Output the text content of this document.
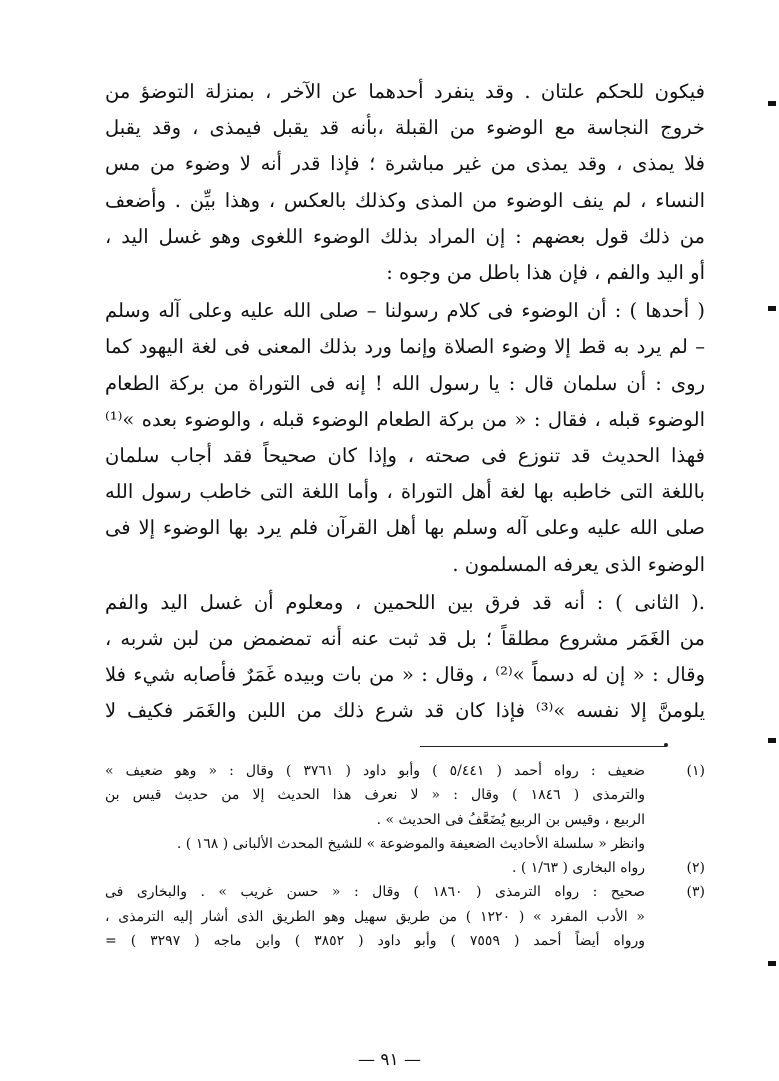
فيكون للحكم علتان . وقد ينفرد أحدهما عن الآخر ، بمنزلة التوضؤ من
خروج النجاسة مع الوضوء من القبلة ،بأنه قد يقبل فيمذى ، وقد يقبل
فلا يمذى ، وقد يمذى من غير مباشرة ؛ فإذا قدر أنه لا وضوء من مس
النساء ، لم ينف الوضوء من المذى وكذلك بالعكس ، وهذا بيِّن . وأضعف
من ذلك قول بعضهم : إن المراد بذلك الوضوء اللغوى وهو غسل اليد ،
أو اليد والفم ، فإن هذا باطل من وجوه :

( أحدها ) : أن الوضوء فى كلام رسولنا – صلى الله عليه وعلى آله وسلم
– لم يرد به قط إلا وضوء الصلاة وإنما ورد بذلك المعنى فى لغة اليهود كما
روى : أن سلمان قال : يا رسول الله ! إنه فى التوراة من بركة الطعام
الوضوء قبله ، فقال : « من بركة الطعام الوضوء قبله ، والوضوء بعده »⁽¹⁾
فهذا الحديث قد تنوزع فى صحته ، وإذا كان صحيحاً فقد أجاب سلمان
باللغة التى خاطبه بها لغة أهل التوراة ، وأما اللغة التى خاطب رسول الله
صلى الله عليه وعلى آله وسلم بها أهل القرآن فلم يرد بها الوضوء إلا فى
الوضوء الذى يعرفه المسلمون .

.( الثانى ) : أنه قد فرق بين اللحمين ، ومعلوم أن غسل اليد والفم
من الغَمَر مشروع مطلقاً ؛ بل قد ثبت عنه أنه تمضمض من لبن شربه ،
وقال : « إن له دسماً »⁽²⁾ ، وقال : « من بات وبيده غَمَرٌ فأصابه شيء فلا
يلومنَّ إلا نفسه »⁽³⁾ فإذا كان قد شرع ذلك من اللبن والغَمَر فكيف لا

(١)
ضعيف : رواه أحمد ( ٥/٤٤١ ) وأبو داود ( ٣٧٦١ ) وقال : « وهو ضعيف »
والترمذى ( ١٨٤٦ ) وقال : « لا نعرف هذا الحديث إلا من حديث قيس بن
الربيع ، وقيس بن الربيع يُضَعَّفُ فى الحديث » .
وانظر « سلسلة الأحاديث الضعيفة والموضوعة » للشيخ المحدث الألبانى ( ١٦٨ ) .
(٢)
رواه البخارى ( ١/٦٣ ) .
(٣)
صحيح : رواه الترمذى ( ١٨٦٠ ) وقال : « حسن غريب » . والبخارى فى
« الأدب المفرد » ( ١٢٢٠ ) من طريق سهيل وهو الطريق الذى أشار إليه الترمذى ،
ورواه أيضاً أحمد ( ٧٥٥٩ ) وأبو داود ( ٣٨٥٢ ) وابن ماجه ( ٣٢٩٧ ) =
— ٩١ —
